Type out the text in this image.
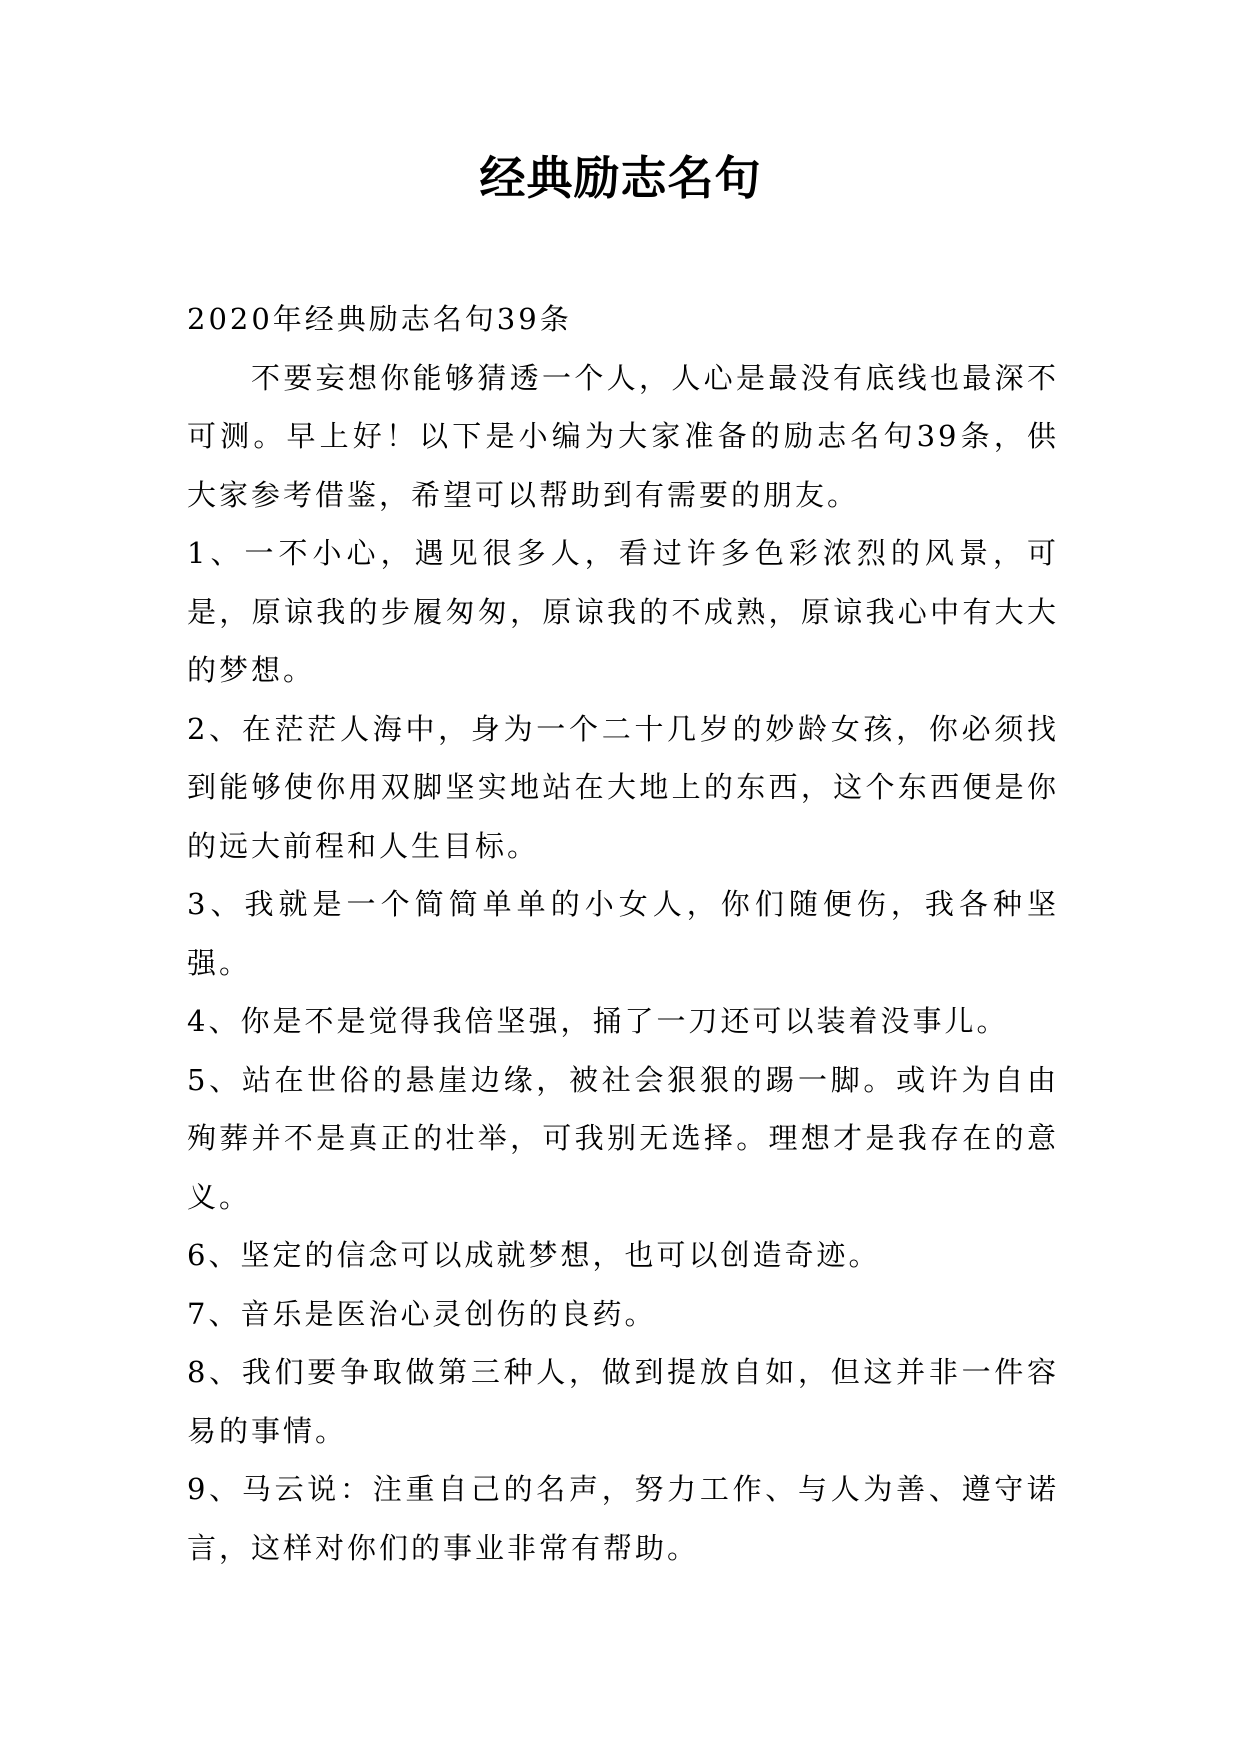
经典励志名句

2020年经典励志名句39条

不要妄想你能够猜透一个人，人心是最没有底线也最深不可测。早上好！以下是小编为大家准备的励志名句39条，供大家参考借鉴，希望可以帮助到有需要的朋友。

1、一不小心，遇见很多人，看过许多色彩浓烈的风景，可是，原谅我的步履匆匆，原谅我的不成熟，原谅我心中有大大的梦想。

2、在茫茫人海中，身为一个二十几岁的妙龄女孩，你必须找到能够使你用双脚坚实地站在大地上的东西，这个东西便是你的远大前程和人生目标。

3、我就是一个简简单单的小女人，你们随便伤，我各种坚强。

4、你是不是觉得我倍坚强，捅了一刀还可以装着没事儿。

5、站在世俗的悬崖边缘，被社会狠狠的踢一脚。或许为自由殉葬并不是真正的壮举，可我别无选择。理想才是我存在的意义。

6、坚定的信念可以成就梦想，也可以创造奇迹。

7、音乐是医治心灵创伤的良药。

8、我们要争取做第三种人，做到提放自如，但这并非一件容易的事情。

9、马云说：注重自己的名声，努力工作、与人为善、遵守诺言，这样对你们的事业非常有帮助。
